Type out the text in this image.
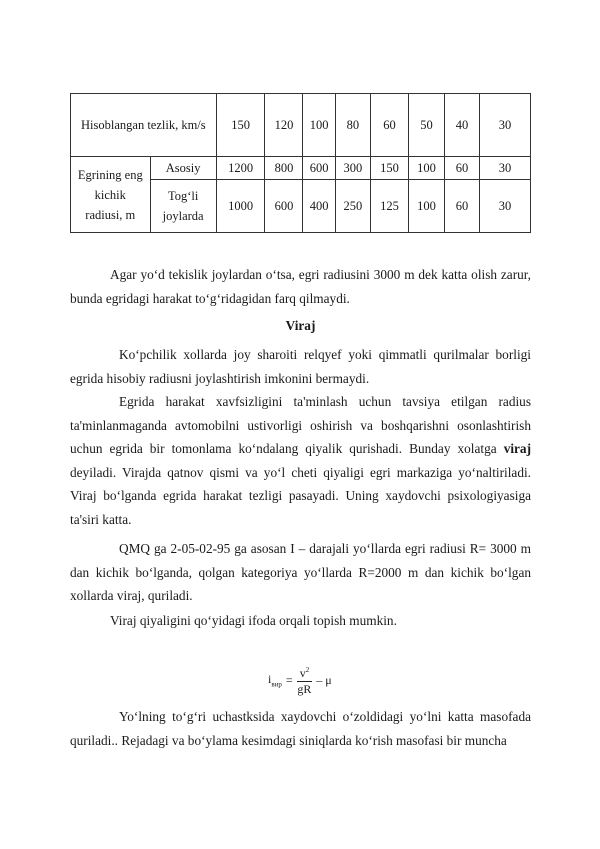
Hisoblangan tezlik, km/s		150	120	100	80	60	50	40	30
Egrining eng kichik radiusi, m	Asosiy	1200	800	600	300	150	100	60	30
	Tog‘li joylarda	1000	600	400	250	125	100	60	30

Agar yo‘d tekislik joylardan o‘tsa, egri radiusini 3000 m dek katta olish zarur, bunda egridagi harakat to‘g‘ridagidan farq qilmaydi.

Viraj

Ko‘pchilik xollarda joy sharoiti relqyef yoki qimmatli qurilmalar borligi egrida hisobiy radiusni joylashtirish imkonini bermaydi.

Egrida harakat xavfsizligini ta'minlash uchun tavsiya etilgan radius ta'minlanmaganda avtomobilni ustivorligi oshirish va boshqarishni osonlashtirish uchun egrida bir tomonlama ko‘ndalang qiyalik qurishadi. Bunday xolatga viraj deyiladi. Virajda qatnov qismi va yo‘l cheti qiyaligi egri markaziga yo‘naltiriladi. Viraj bo‘lganda egrida harakat tezligi pasayadi. Uning xaydovchi psixologiyasiga ta'siri katta.

QMQ ga 2-05-02-95 ga asosan I – darajali yo‘llarda egri radiusi R= 3000 m dan kichik bo‘lganda, qolgan kategoriya yo‘llarda R=2000 m dan kichik bo‘lgan xollarda viraj, quriladi.

Viraj qiyaligini qo‘yidagi ifoda orqali topish mumkin.

$i_{вир} = \frac{v^2}{gR} - \mu$

Yo‘lning to‘g‘ri uchastksida xaydovchi o‘zoldidagi yo‘lni katta masofada quriladi.. Rejadagi va bo‘ylama kesimdagi siniqlarda ko‘rish masofasi bir muncha
